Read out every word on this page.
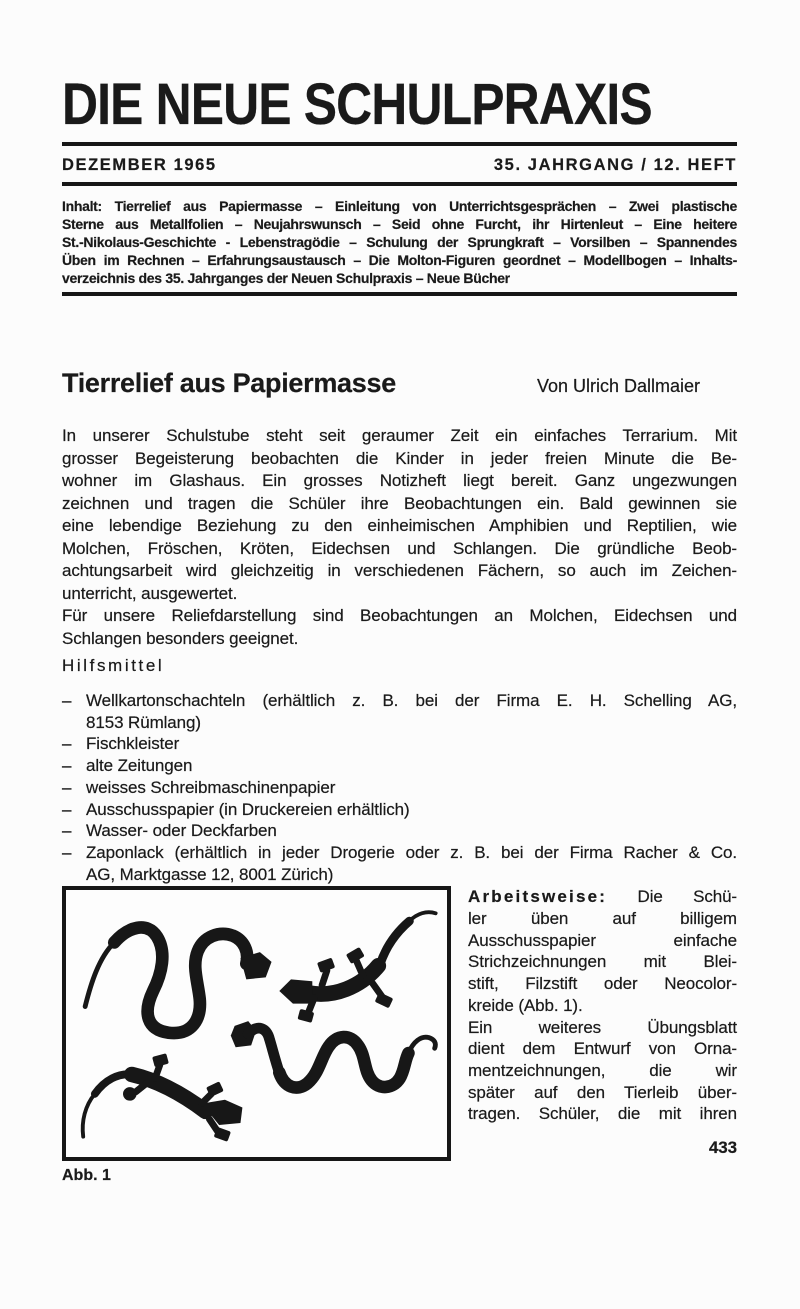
DIE NEUE SCHULPRAXIS
DEZEMBER 1965	35. JAHRGANG / 12. HEFT
Inhalt: Tierrelief aus Papiermasse – Einleitung von Unterrichtsgesprächen – Zwei plastische
Sterne aus Metallfolien – Neujahrswunsch – Seid ohne Furcht, ihr Hirtenleut – Eine heitere
St.-Nikolaus-Geschichte - Lebenstragödie – Schulung der Sprungkraft – Vorsilben – Spannendes
Üben im Rechnen – Erfahrungsaustausch – Die Molton-Figuren geordnet – Modellbogen – Inhalts-
verzeichnis des 35. Jahrganges der Neuen Schulpraxis – Neue Bücher
Tierrelief aus Papiermasse	Von Ulrich Dallmaier
In unserer Schulstube steht seit geraumer Zeit ein einfaches Terrarium. Mit
grosser Begeisterung beobachten die Kinder in jeder freien Minute die Be-
wohner im Glashaus. Ein grosses Notizheft liegt bereit. Ganz ungezwungen
zeichnen und tragen die Schüler ihre Beobachtungen ein. Bald gewinnen sie
eine lebendige Beziehung zu den einheimischen Amphibien und Reptilien, wie
Molchen, Fröschen, Kröten, Eidechsen und Schlangen. Die gründliche Beob-
achtungsarbeit wird gleichzeitig in verschiedenen Fächern, so auch im Zeichen-
unterricht, ausgewertet.
Für unsere Reliefdarstellung sind Beobachtungen an Molchen, Eidechsen und
Schlangen besonders geeignet.
Hilfsmittel
– Wellkartonschachteln (erhältlich z. B. bei der Firma E. H. Schelling AG,
8153 Rümlang)
– Fischkleister
– alte Zeitungen
– weisses Schreibmaschinenpapier
– Ausschusspapier (in Druckereien erhältlich)
– Wasser- oder Deckfarben
– Zaponlack (erhältlich in jeder Drogerie oder z. B. bei der Firma Racher & Co.
AG, Marktgasse 12, 8001 Zürich)
Arbeitsweise: Die Schü-
ler üben auf billigem
Ausschusspapier einfache
Strichzeichnungen mit Blei-
stift, Filzstift oder Neocolor-
kreide (Abb. 1).
Ein weiteres Übungsblatt
dient dem Entwurf von Orna-
mentzeichnungen, die wir
später auf den Tierleib über-
tragen. Schüler, die mit ihren
433
Abb. 1
